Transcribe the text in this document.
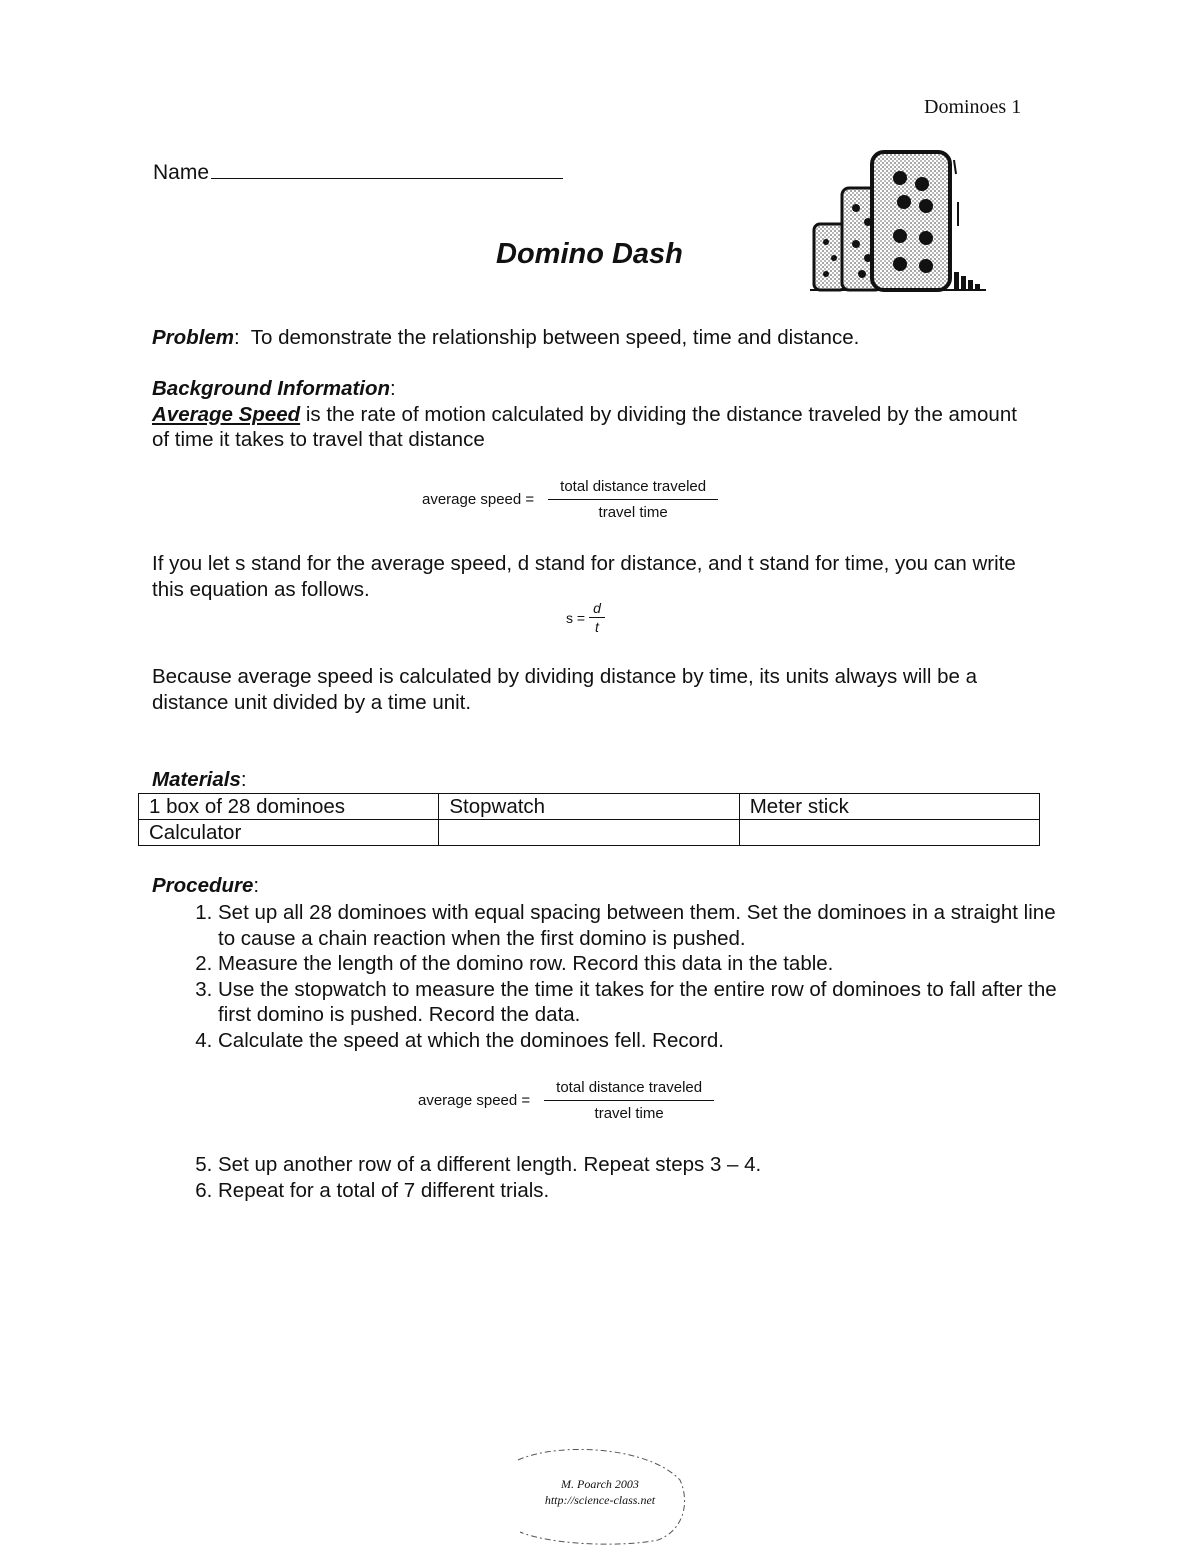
Dominoes 1
Name
Domino Dash
Problem:  To demonstrate the relationship between speed, time and distance.
Background Information:
Average Speed is the rate of motion calculated by dividing the distance traveled by the amount of time it takes to travel that distance
average speed = $\frac{\text{total distance traveled}}{\text{travel time}}$
If you let s stand for the average speed, d stand for distance, and t stand for time, you can write this equation as follows.
$s = \frac{d}{t}$
Because average speed is calculated by dividing distance by time, its units always will be a distance unit divided by a time unit.
Materials:
1 box of 28 dominoes	Stopwatch	Meter stick
Calculator		
Procedure:
1. Set up all 28 dominoes with equal spacing between them. Set the dominoes in a straight line to cause a chain reaction when the first domino is pushed.
2. Measure the length of the domino row. Record this data in the table.
3. Use the stopwatch to measure the time it takes for the entire row of dominoes to fall after the first domino is pushed. Record the data.
4. Calculate the speed at which the dominoes fell. Record.
average speed = $\frac{\text{total distance traveled}}{\text{travel time}}$
5. Set up another row of a different length. Repeat steps 3 – 4.
6. Repeat for a total of 7 different trials.
M. Poarch 2003
http://science-class.net
